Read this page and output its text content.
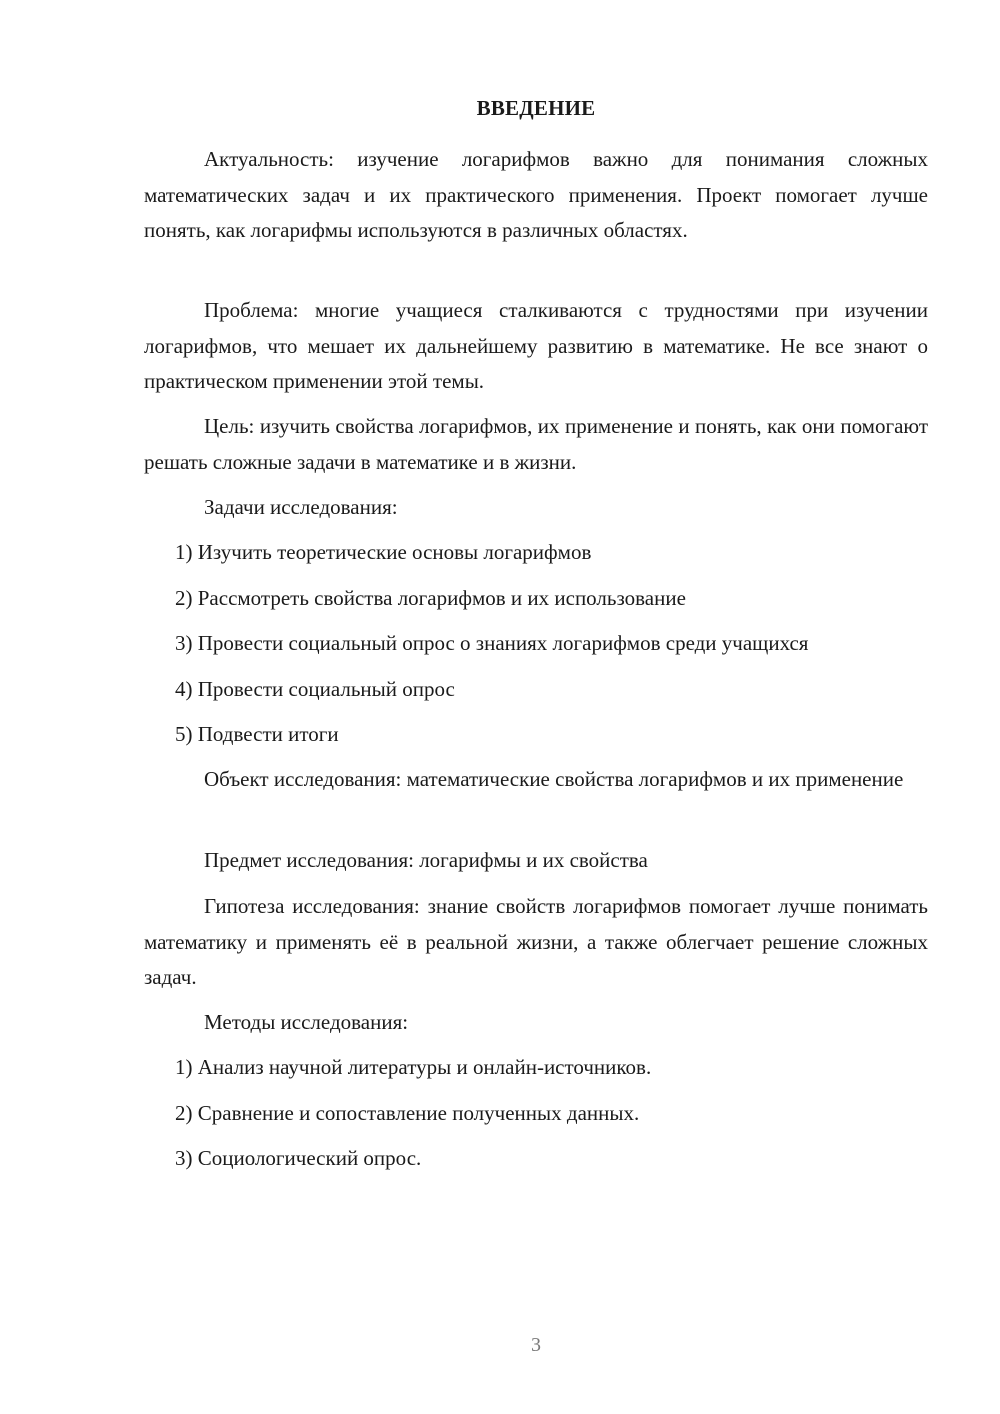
ВВЕДЕНИЕ
Актуальность: изучение логарифмов важно для понимания сложных математических задач и их практического применения. Проект помогает лучше понять, как логарифмы используются в различных областях.
Проблема: многие учащиеся сталкиваются с трудностями при изучении логарифмов, что мешает их дальнейшему развитию в математике. Не все знают о практическом применении этой темы.
Цель: изучить свойства логарифмов, их применение и понять, как они помогают решать сложные задачи в математике и в жизни.
Задачи исследования:
1) Изучить теоретические основы логарифмов
2) Рассмотреть свойства логарифмов и их использование
3) Провести социальный опрос о знаниях логарифмов среди учащихся
4) Провести социальный опрос
5) Подвести итоги
Объект исследования: математические свойства логарифмов и их применение
Предмет исследования: логарифмы и их свойства
Гипотеза исследования: знание свойств логарифмов помогает лучше понимать математику и применять её в реальной жизни, а также облегчает решение сложных задач.
Методы исследования:
1) Анализ научной литературы и онлайн-источников.
2) Сравнение и сопоставление полученных данных.
3) Социологический опрос.
3
